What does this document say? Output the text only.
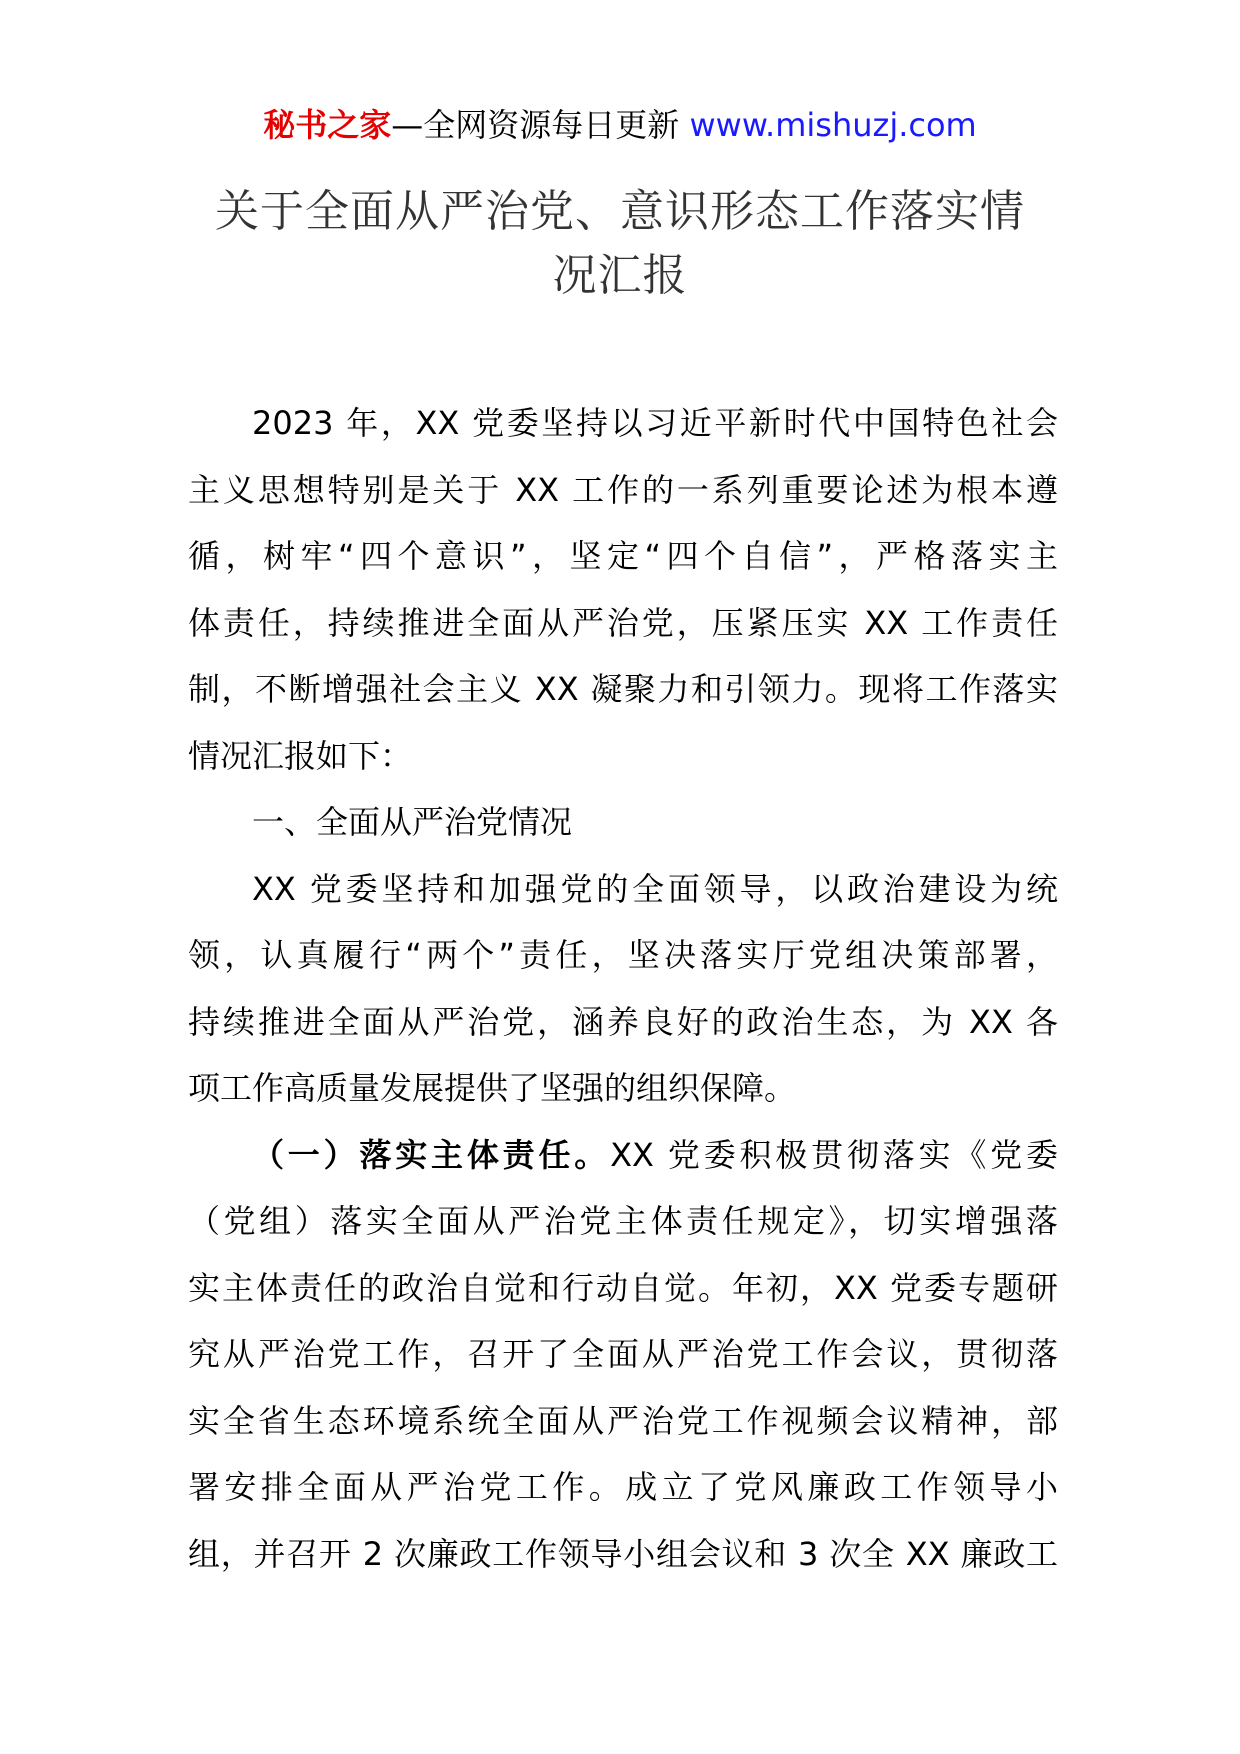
秘书之家—全网资源每日更新 www.mishuzj.com
关于全面从严治党、意识形态工作落实情
况汇报
2023 年，XX 党委坚持以习近平新时代中国特色社会
主义思想特别是关于 XX 工作的一系列重要论述为根本遵
循，树牢“四个意识”，坚定“四个自信”，严格落实主
体责任，持续推进全面从严治党，压紧压实 XX 工作责任
制，不断增强社会主义 XX 凝聚力和引领力。现将工作落实
情况汇报如下：
一、全面从严治党情况
XX 党委坚持和加强党的全面领导，以政治建设为统
领，认真履行“两个”责任，坚决落实厅党组决策部署，
持续推进全面从严治党，涵养良好的政治生态，为 XX 各
项工作高质量发展提供了坚强的组织保障。
（一）落实主体责任。XX 党委积极贯彻落实《党委
（党组）落实全面从严治党主体责任规定》，切实增强落
实主体责任的政治自觉和行动自觉。年初，XX 党委专题研
究从严治党工作，召开了全面从严治党工作会议，贯彻落
实全省生态环境系统全面从严治党工作视频会议精神，部
署安排全面从严治党工作。成立了党风廉政工作领导小
组，并召开 2 次廉政工作领导小组会议和 3 次全 XX 廉政工
